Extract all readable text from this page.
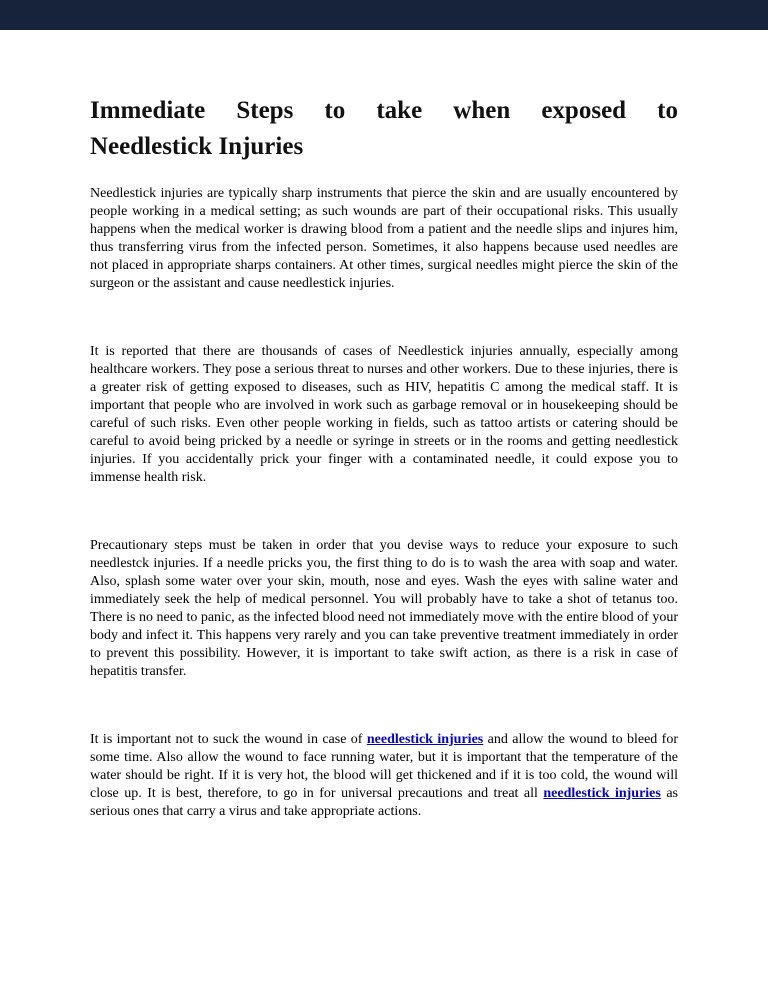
Immediate Steps to take when exposed to
Needlestick Injuries

Needlestick injuries are typically sharp instruments that pierce the skin and are usually encountered by people working in a medical setting; as such wounds are part of their occupational risks. This usually happens when the medical worker is drawing blood from a patient and the needle slips and injures him, thus transferring virus from the infected person. Sometimes, it also happens because used needles are not placed in appropriate sharps containers. At other times, surgical needles might pierce the skin of the surgeon or the assistant and cause needlestick injuries.

It is reported that there are thousands of cases of Needlestick injuries annually, especially among healthcare workers. They pose a serious threat to nurses and other workers. Due to these injuries, there is a greater risk of getting exposed to diseases, such as HIV, hepatitis C among the medical staff. It is important that people who are involved in work such as garbage removal or in housekeeping should be careful of such risks. Even other people working in fields, such as tattoo artists or catering should be careful to avoid being pricked by a needle or syringe in streets or in the rooms and getting needlestick injuries. If you accidentally prick your finger with a contaminated needle, it could expose you to immense health risk.

Precautionary steps must be taken in order that you devise ways to reduce your exposure to such needlestck injuries. If a needle pricks you, the first thing to do is to wash the area with soap and water. Also, splash some water over your skin, mouth, nose and eyes. Wash the eyes with saline water and immediately seek the help of medical personnel. You will probably have to take a shot of tetanus too. There is no need to panic, as the infected blood need not immediately move with the entire blood of your body and infect it. This happens very rarely and you can take preventive treatment immediately in order to prevent this possibility. However, it is important to take swift action, as there is a risk in case of hepatitis transfer.

It is important not to suck the wound in case of needlestick injuries and allow the wound to bleed for some time. Also allow the wound to face running water, but it is important that the temperature of the water should be right. If it is very hot, the blood will get thickened and if it is too cold, the wound will close up. It is best, therefore, to go in for universal precautions and treat all needlestick injuries as serious ones that carry a virus and take appropriate actions.
